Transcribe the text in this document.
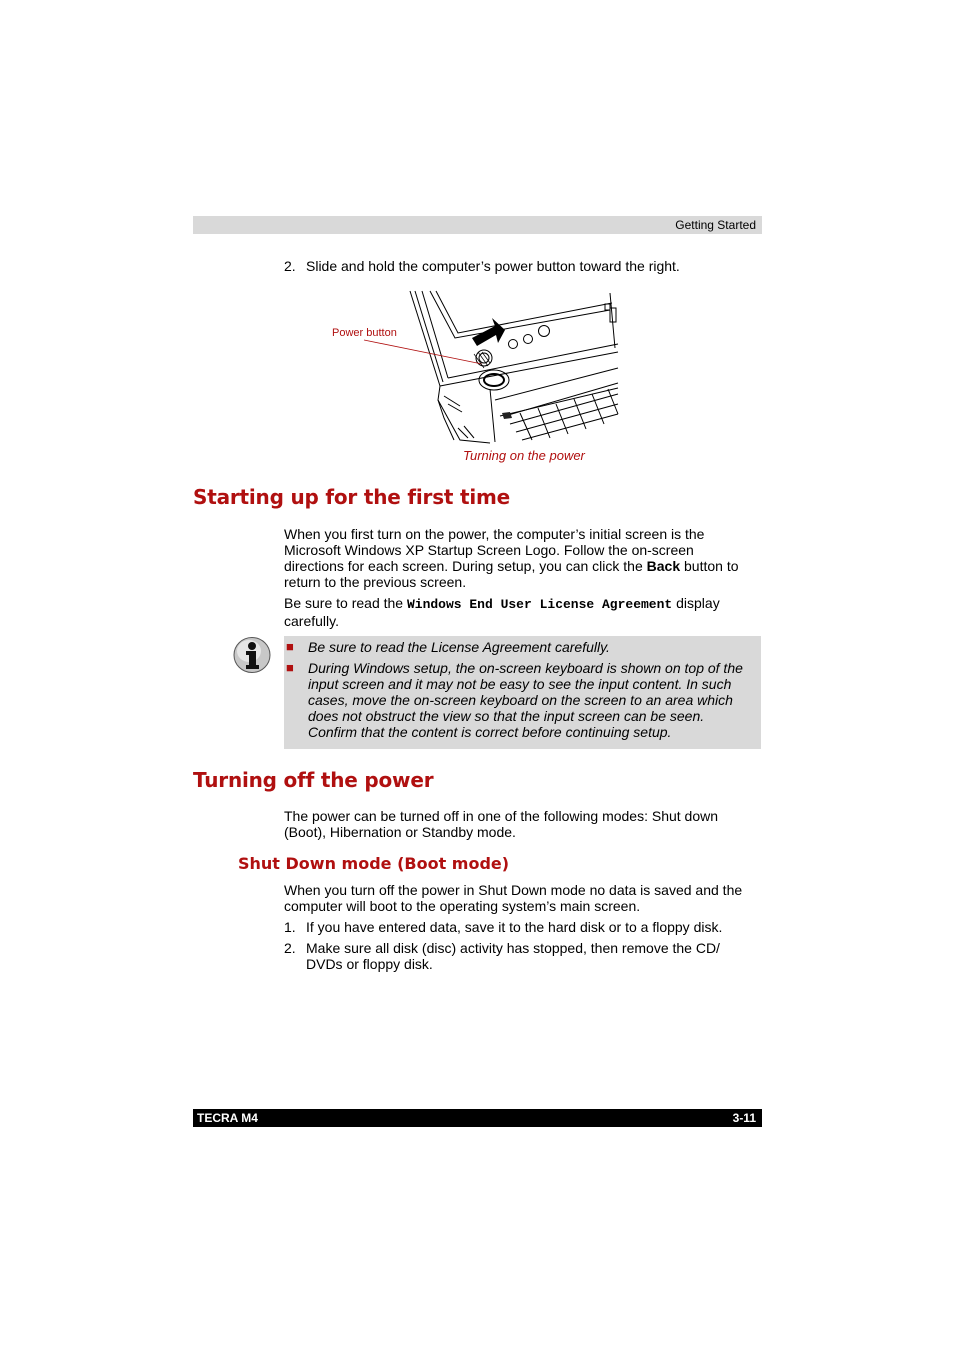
Getting Started
2. Slide and hold the computer’s power button toward the right.
Power button
Turning on the power
Starting up for the first time
When you first turn on the power, the computer’s initial screen is the
Microsoft Windows XP Startup Screen Logo. Follow the on-screen
directions for each screen. During setup, you can click the Back button to
return to the previous screen.
Be sure to read the Windows End User License Agreement display
carefully.
■ Be sure to read the License Agreement carefully.
■ During Windows setup, the on-screen keyboard is shown on top of the
input screen and it may not be easy to see the input content. In such
cases, move the on-screen keyboard on the screen to an area which
does not obstruct the view so that the input screen can be seen.
Confirm that the content is correct before continuing setup.
Turning off the power
The power can be turned off in one of the following modes: Shut down
(Boot), Hibernation or Standby mode.
Shut Down mode (Boot mode)
When you turn off the power in Shut Down mode no data is saved and the
computer will boot to the operating system’s main screen.
1. If you have entered data, save it to the hard disk or to a floppy disk.
2. Make sure all disk (disc) activity has stopped, then remove the CD/
DVDs or floppy disk.
TECRA M4	3-11
